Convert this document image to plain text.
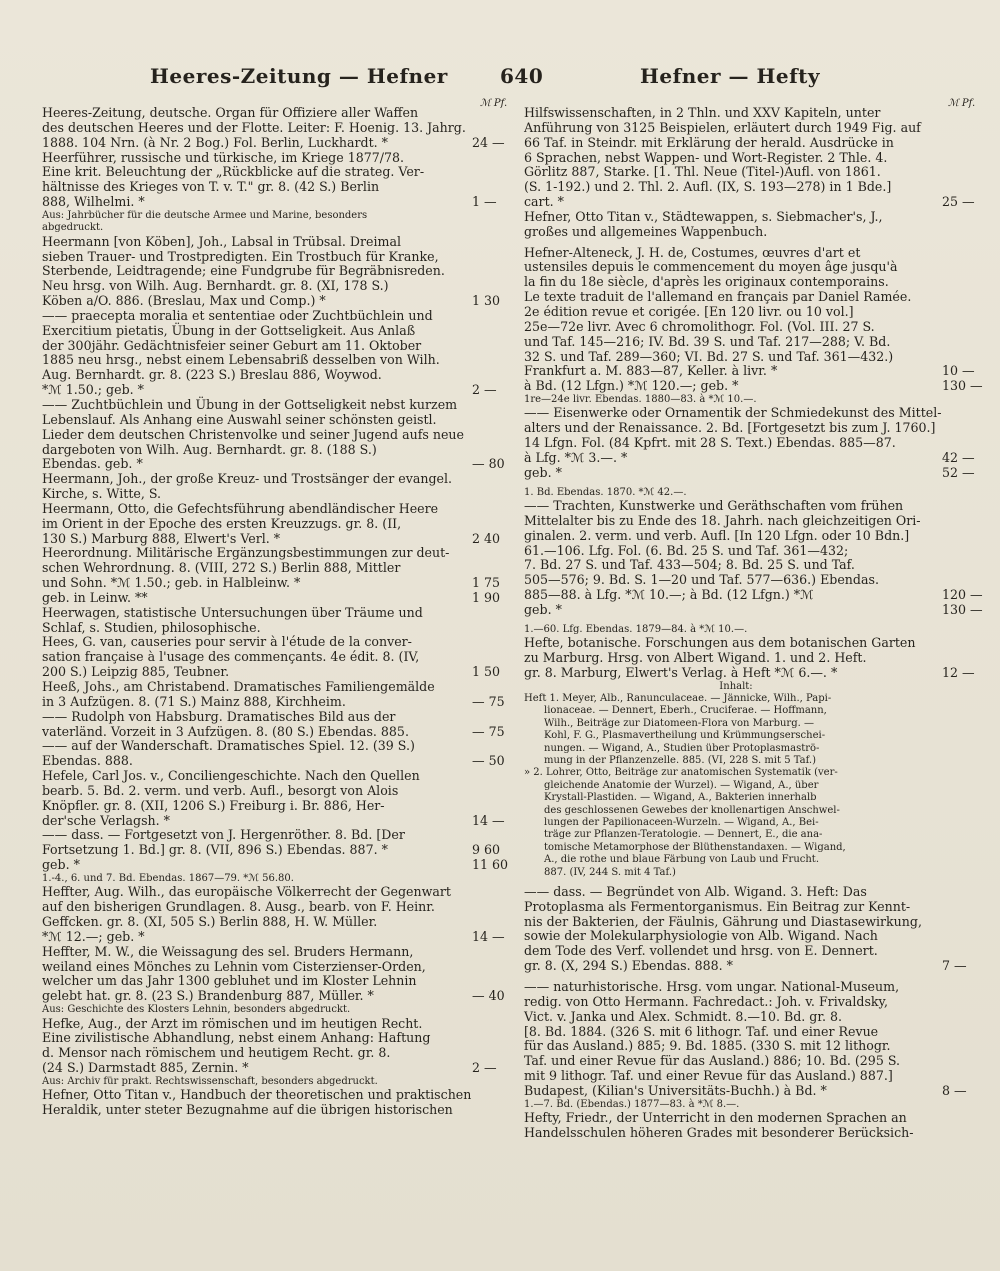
Heeres-Zeitung — Hefner	640	Hefner — Hefty
ℳ Pf.	ℳ Pf.
Heeres-Zeitung, deutsche. Organ für Offiziere aller Waffen
des deutschen Heeres und der Flotte. Leiter: F. Hoenig. 13. Jahrg.
1888. 104 Nrn. (à Nr. 2 Bog.) Fol. Berlin, Luckhardt. *	24 —
Heerführer, russische und türkische, im Kriege 1877/78.
Eine krit. Beleuchtung der „Rückblicke auf die strateg. Ver-
hältnisse des Krieges von T. v. T." gr. 8. (42 S.) Berlin
888, Wilhelmi. *	1 —
Aus: Jahrbücher für die deutsche Armee und Marine, besonders
abgedruckt.
Heermann [von Köben], Joh., Labsal in Trübsal. Dreimal
sieben Trauer- und Trostpredigten. Ein Trostbuch für Kranke,
Sterbende, Leidtragende; eine Fundgrube für Begräbnisreden.
Neu hrsg. von Wilh. Aug. Bernhardt. gr. 8. (XI, 178 S.)
Köben a/O. 886. (Breslau, Max und Comp.) *	1 30
—— praecepta moralia et sententiae oder Zuchtbüchlein und
Exercitium pietatis, Übung in der Gottseligkeit. Aus Anlaß
der 300jähr. Gedächtnisfeier seiner Geburt am 11. Oktober
1885 neu hrsg., nebst einem Lebensabriß desselben von Wilh.
Aug. Bernhardt. gr. 8. (223 S.) Breslau 886, Woywod.
*ℳ 1.50.; geb. *	2 —
—— Zuchtbüchlein und Übung in der Gottseligkeit nebst kurzem
Lebenslauf. Als Anhang eine Auswahl seiner schönsten geistl.
Lieder dem deutschen Christenvolke und seiner Jugend aufs neue
dargeboten von Wilh. Aug. Bernhardt. gr. 8. (188 S.)
Ebendas. geb. *	— 80
Heermann, Joh., der große Kreuz- und Trostsänger der evangel.
Kirche, s. Witte, S.
Heermann, Otto, die Gefechtsführung abendländischer Heere
im Orient in der Epoche des ersten Kreuzzugs. gr. 8. (II,
130 S.) Marburg 888, Elwert's Verl. *	2 40
Heerordnung. Militärische Ergänzungsbestimmungen zur deut-
schen Wehrordnung. 8. (VIII, 272 S.) Berlin 888, Mittler
und Sohn. *ℳ 1.50.; geb. in Halbleinw. *	1 75
geb. in Leinw. **	1 90
Heerwagen, statistische Untersuchungen über Träume und
Schlaf, s. Studien, philosophische.
Hees, G. van, causeries pour servir à l'étude de la conver-
sation française à l'usage des commençants. 4e édit. 8. (IV,
200 S.) Leipzig 885, Teubner.	1 50
Heeß, Johs., am Christabend. Dramatisches Familiengemälde
in 3 Aufzügen. 8. (71 S.) Mainz 888, Kirchheim.	— 75
—— Rudolph von Habsburg. Dramatisches Bild aus der
vaterländ. Vorzeit in 3 Aufzügen. 8. (80 S.) Ebendas. 885.	— 75
—— auf der Wanderschaft. Dramatisches Spiel. 12. (39 S.)
Ebendas. 888.	— 50
Hefele, Carl Jos. v., Conciliengeschichte. Nach den Quellen
bearb. 5. Bd. 2. verm. und verb. Aufl., besorgt von Alois
Knöpfler. gr. 8. (XII, 1206 S.) Freiburg i. Br. 886, Her-
der'sche Verlagsh. *	14 —
—— dass. — Fortgesetzt von J. Hergenröther. 8. Bd. [Der
Fortsetzung 1. Bd.] gr. 8. (VII, 896 S.) Ebendas. 887. *	9 60
geb. *	11 60
1.-4., 6. und 7. Bd. Ebendas. 1867—79. *ℳ 56.80.
Heffter, Aug. Wilh., das europäische Völkerrecht der Gegenwart
auf den bisherigen Grundlagen. 8. Ausg., bearb. von F. Heinr.
Geffcken. gr. 8. (XI, 505 S.) Berlin 888, H. W. Müller.
*ℳ 12.—; geb. *	14 —
Heffter, M. W., die Weissagung des sel. Bruders Hermann,
weiland eines Mönches zu Lehnin vom Cisterzienser-Orden,
welcher um das Jahr 1300 gebluhet und im Kloster Lehnin
gelebt hat. gr. 8. (23 S.) Brandenburg 887, Müller. *	— 40
Aus: Geschichte des Klosters Lehnin, besonders abgedruckt.
Hefke, Aug., der Arzt im römischen und im heutigen Recht.
Eine zivilistische Abhandlung, nebst einem Anhang: Haftung
d. Mensor nach römischem und heutigem Recht. gr. 8.
(24 S.) Darmstadt 885, Zernin. *	2 —
Aus: Archiv für prakt. Rechtswissenschaft, besonders abgedruckt.
Hefner, Otto Titan v., Handbuch der theoretischen und praktischen
Heraldik, unter steter Bezugnahme auf die übrigen historischen
Hilfswissenschaften, in 2 Thln. und XXV Kapiteln, unter
Anführung von 3125 Beispielen, erläutert durch 1949 Fig. auf
66 Taf. in Steindr. mit Erklärung der herald. Ausdrücke in
6 Sprachen, nebst Wappen- und Wort-Register. 2 Thle. 4.
Görlitz 887, Starke. [1. Thl. Neue (Titel-)Aufl. von 1861.
(S. 1-192.) und 2. Thl. 2. Aufl. (IX, S. 193—278) in 1 Bde.]
cart. *	25 —
Hefner, Otto Titan v., Städtewappen, s. Siebmacher's, J.,
großes und allgemeines Wappenbuch.
Hefner-Alteneck, J. H. de, Costumes, œuvres d'art et
ustensiles depuis le commencement du moyen âge jusqu'à
la fin du 18e siècle, d'après les originaux contemporains.
Le texte traduit de l'allemand en français par Daniel Ramée.
2e édition revue et corigée. [En 120 livr. ou 10 vol.]
25e—72e livr. Avec 6 chromolithogr. Fol. (Vol. III. 27 S.
und Taf. 145—216; IV. Bd. 39 S. und Taf. 217—288; V. Bd.
32 S. und Taf. 289—360; VI. Bd. 27 S. und Taf. 361—432.)
Frankfurt a. M. 883—87, Keller. à livr. *	10 —
à Bd. (12 Lfgn.) *ℳ 120.—; geb. *	130 —
1re—24e livr. Ebendas. 1880—83. à *ℳ 10.—.
—— Eisenwerke oder Ornamentik der Schmiedekunst des Mittel-
alters und der Renaissance. 2. Bd. [Fortgesetzt bis zum J. 1760.]
14 Lfgn. Fol. (84 Kpfrt. mit 28 S. Text.) Ebendas. 885—87.
à Lfg. *ℳ 3.—. *	42 —
geb. *	52 —
1. Bd. Ebendas. 1870. *ℳ 42.—.
—— Trachten, Kunstwerke und Geräthschaften vom frühen
Mittelalter bis zu Ende des 18. Jahrh. nach gleichzeitigen Ori-
ginalen. 2. verm. und verb. Aufl. [In 120 Lfgn. oder 10 Bdn.]
61.—106. Lfg. Fol. (6. Bd. 25 S. und Taf. 361—432;
7. Bd. 27 S. und Taf. 433—504; 8. Bd. 25 S. und Taf.
505—576; 9. Bd. S. 1—20 und Taf. 577—636.) Ebendas.
885—88. à Lfg. *ℳ 10.—; à Bd. (12 Lfgn.) *ℳ	120 —
geb. *	130 —
1.—60. Lfg. Ebendas. 1879—84. à *ℳ 10.—.
Hefte, botanische. Forschungen aus dem botanischen Garten
zu Marburg. Hrsg. von Albert Wigand. 1. und 2. Heft.
gr. 8. Marburg, Elwert's Verlag. à Heft *ℳ 6.—. *	12 —
Inhalt:
Heft 1. Meyer, Alb., Ranunculaceae. — Jännicke, Wilh., Papi-
lionaceae. — Dennert, Eberh., Cruciferae. — Hoffmann,
Wilh., Beiträge zur Diatomeen-Flora von Marburg. —
Kohl, F. G., Plasmavertheilung und Krümmungserschei-
nungen. — Wigand, A., Studien über Protoplasmaströ-
mung in der Pflanzenzelle. 885. (VI, 228 S. mit 5 Taf.)
» 2. Lohrer, Otto, Beiträge zur anatomischen Systematik (ver-
gleichende Anatomie der Wurzel). — Wigand, A., über
Krystall-Plastiden. — Wigand, A., Bakterien innerhalb
des geschlossenen Gewebes der knollenartigen Anschwel-
lungen der Papilionaceen-Wurzeln. — Wigand, A., Bei-
träge zur Pflanzen-Teratologie. — Dennert, E., die ana-
tomische Metamorphose der Blüthenstandaxen. — Wigand,
A., die rothe und blaue Färbung von Laub und Frucht.
887. (IV, 244 S. mit 4 Taf.)
—— dass. — Begründet von Alb. Wigand. 3. Heft: Das
Protoplasma als Fermentorganismus. Ein Beitrag zur Kennt-
nis der Bakterien, der Fäulnis, Gährung und Diastasewirkung,
sowie der Molekularphysiologie von Alb. Wigand. Nach
dem Tode des Verf. vollendet und hrsg. von E. Dennert.
gr. 8. (X, 294 S.) Ebendas. 888. *	7 —
—— naturhistorische. Hrsg. vom ungar. National-Museum,
redig. von Otto Hermann. Fachredact.: Joh. v. Frivaldsky,
Vict. v. Janka und Alex. Schmidt. 8.—10. Bd. gr. 8.
[8. Bd. 1884. (326 S. mit 6 lithogr. Taf. und einer Revue
für das Ausland.) 885; 9. Bd. 1885. (330 S. mit 12 lithogr.
Taf. und einer Revue für das Ausland.) 886; 10. Bd. (295 S.
mit 9 lithogr. Taf. und einer Revue für das Ausland.) 887.]
Budapest, (Kilian's Universitäts-Buchh.) à Bd. *	8 —
1.—7. Bd. (Ebendas.) 1877—83. à *ℳ 8.—.
Hefty, Friedr., der Unterricht in den modernen Sprachen an
Handelsschulen höheren Grades mit besonderer Berücksich-
